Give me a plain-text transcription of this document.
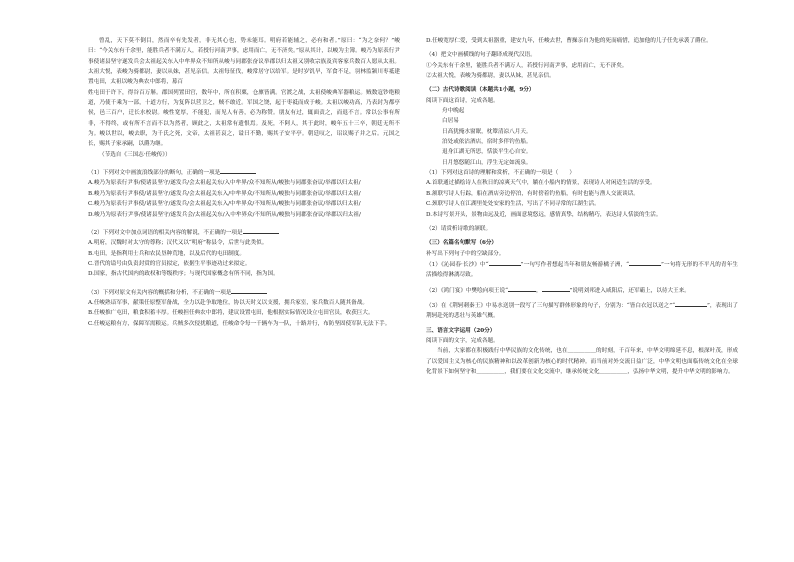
曾乱，天下莫不倒目，然而卒有先发者，非无其心也，势未能耳。明府若能辅之，必有和者。”原曰：“为之奈何？”峻曰：“今关东有千余里，能胜兵者不满万人，若授行河南尹事，虑用而亡，无不济矣。”原从其计，以峻为主簿。峻乃为原表行尹事使诸县坚守遂发兵会太祖起关东入中牟界众不知所从峻与同郡张奋议举郡以归太祖又别收宗族及宾客家兵数百人愿从太祖。太祖大悦，表峻为骑都尉，妻以从妹，甚见亲信。太祖每征伐，峻常居守以给军。是时岁饥旱，军食不足，羽林监颍川枣祗建置屯田，太祖以峻为典农中郎将，募百

姓屯田于许下，得谷百万斛。郡国列置田官，数年中，所在积粟，仓廪皆满。官渡之战，太祖使峻典军器粮运。贼数寇钞绝粮道，乃使千乘为一部，十道方行，为复阵以营卫之，贼不敢近。军国之饶，起于枣祗而成于峻。太祖以峻功高，乃表封为都亭侯，邑三百户，迁长水校尉。峻性宽厚，不能犯，而见人有善，必为称赞。朋友有过，辄面责之，而退不言。常以公事有所非，不得终，或有所不言而不以为然者，顾此之，太祖常有遗恨焉。及死，不阿人，其于此时，峻年五十三卒，朝廷无所不为。峻以世以，峻去职，为千氏之死，文帝，太祖甚哀之，谥曰不勤，赐其子安平亭。朝廷叹之，诏议赐子并之后。元国之长，赐其子家承嗣，以爵为继。

（节选自《三国志·任峻传》）

（1）下列对文中画波浪线部分的断句，正确的一项是

A.峻乃为原表行尹事/使诸县坚守/遂发兵/会太祖起关东/入中牟界/众不知所从/峻独与同郡张奋议/举郡以归太祖/

B.峻乃为原表行尹事使/诸县坚守/遂发兵/会太祖起关东入/中牟界众/不知所从/峻独与同郡张奋议/举郡以归太祖/

C.峻乃为原表行尹事使/诸县坚守/遂发兵/会太祖起关东入/中牟界众/不知所从/峻独与同郡张奋议/举郡以归太祖/

D.峻乃为原表行尹事/使诸县坚守/遂发兵会/太祖起关东/入中牟界众/不知所从/峻独与同郡张奋议/举郡以归太祖/

（2）下列对文中加点词语的相关内容的解说，不正确的一项是

A.明府，汉魏时对太守的尊称；汉代又以“明府”称县令，后世与此类似。

B.屯田，是指利用士兵和农民垦种荒地，以及后代的屯田制度。

C.晋代的谥号由负责封赏的官员拟定，依据生平事迹功过来拟定。

D.国家，指古代国内的政权和等级秩序；与现代国家概念有所不同，指为国。

（3）下列对原文有关内容的概括和分析，不正确的一项是

A.任峻熟谙军事，献策任原整军备战，全力以赴争取地位，协以天时义以支援，拥兵家室，家兵数百人随其备战。

B.任峻推广屯田，粮食积蓄丰厚。任峻担任典农中郎将，建议设置屯田，他根据实际情况设立屯田官员，收获巨大。

C.任峻运粮有方，保障军需粮运。兵贼多次侵扰粮道，任峻命令每一千辆车为一队，十路并行，布防坚固使军队无法下手。

D.任峻宽厚仁爱，受到太祖器重，建安九年，任峻去世，曹操亲自为他的死而痛惜，追加他的儿子任先承袭了爵位。

（4）把文中画横线的句子翻译成现代汉语。

①今关东有千余里，能胜兵者不满万人，若授行河南尹事，虑用而亡，无不济矣。

②太祖大悦，表峻为骑都尉，妻以从妹，甚见亲信。

（二）古代诗歌阅读（本题共1小题，9分）

阅读下面这首诗，完成各题。

舟中晚起

白居易

日高犹掩水窗眠，枕簟清凉八月天。

泊处或依沽酒店，宿时多伴钓鱼船。

退身江湖无所思，恬淡平生心自安。

日月悠悠随江山，浮生无定如流泉。

（1）下列对这首诗的理解和赏析，不正确的一项是（　　）

A.首联通过描绘诗人在秋日的凉爽天气中，躺在小船内的情景，表现诗人对闲适生活的享受。

B.颔联写诗人行踪，船在酒店旁边停泊，有时傍着钓鱼船，有时也能与渔人交流谈话。

C.颈联写诗人在江湖里处处安家的生活，写出了不同寻常的江湖生活。

D.本诗写景开头，景物由远及近，画面意境悠远，感情真挚，结构精巧，表达诗人恬淡的生活。

（2）请赏析诗歌的颔联。

（三）名篇名句默写（6分）

补写出下列句子中的空缺部分。

（1）《沁园春·长沙》中“	”一句写作者想起当年和朋友畅游橘子洲，“	”一句将无形的不平凡的青年生活描绘得淋漓尽致。

（2）《鸿门宴》中樊哙向项王说“	，	”说明刘邦进入咸阳后，还军霸上，以待大王来。

（3）在《荆轲刺秦王》中易水送别一段写了三句描写群体形象的句子，分别为：“皆白衣冠以送之”“	”，表现出了荆轲赴死的悲壮与英雄气概。

三、语言文字运用（20分）

阅读下面的文字，完成各题。

当前，大家都在积极践行中华民族的文化传统，也在＿＿＿＿＿的时刻，千百年来，中华文明绵延不息，根深叶茂，形成了以爱国主义为核心的民族精神和以改革创新为核心的时代精神。而当前对外交流日益广泛，中华文明也面临传统文化在全球化背景下如何坚守和＿＿＿＿＿，我们要在文化交流中，继承传统文化＿＿＿＿＿，弘扬中华文明，提升中华文明的影响力。
